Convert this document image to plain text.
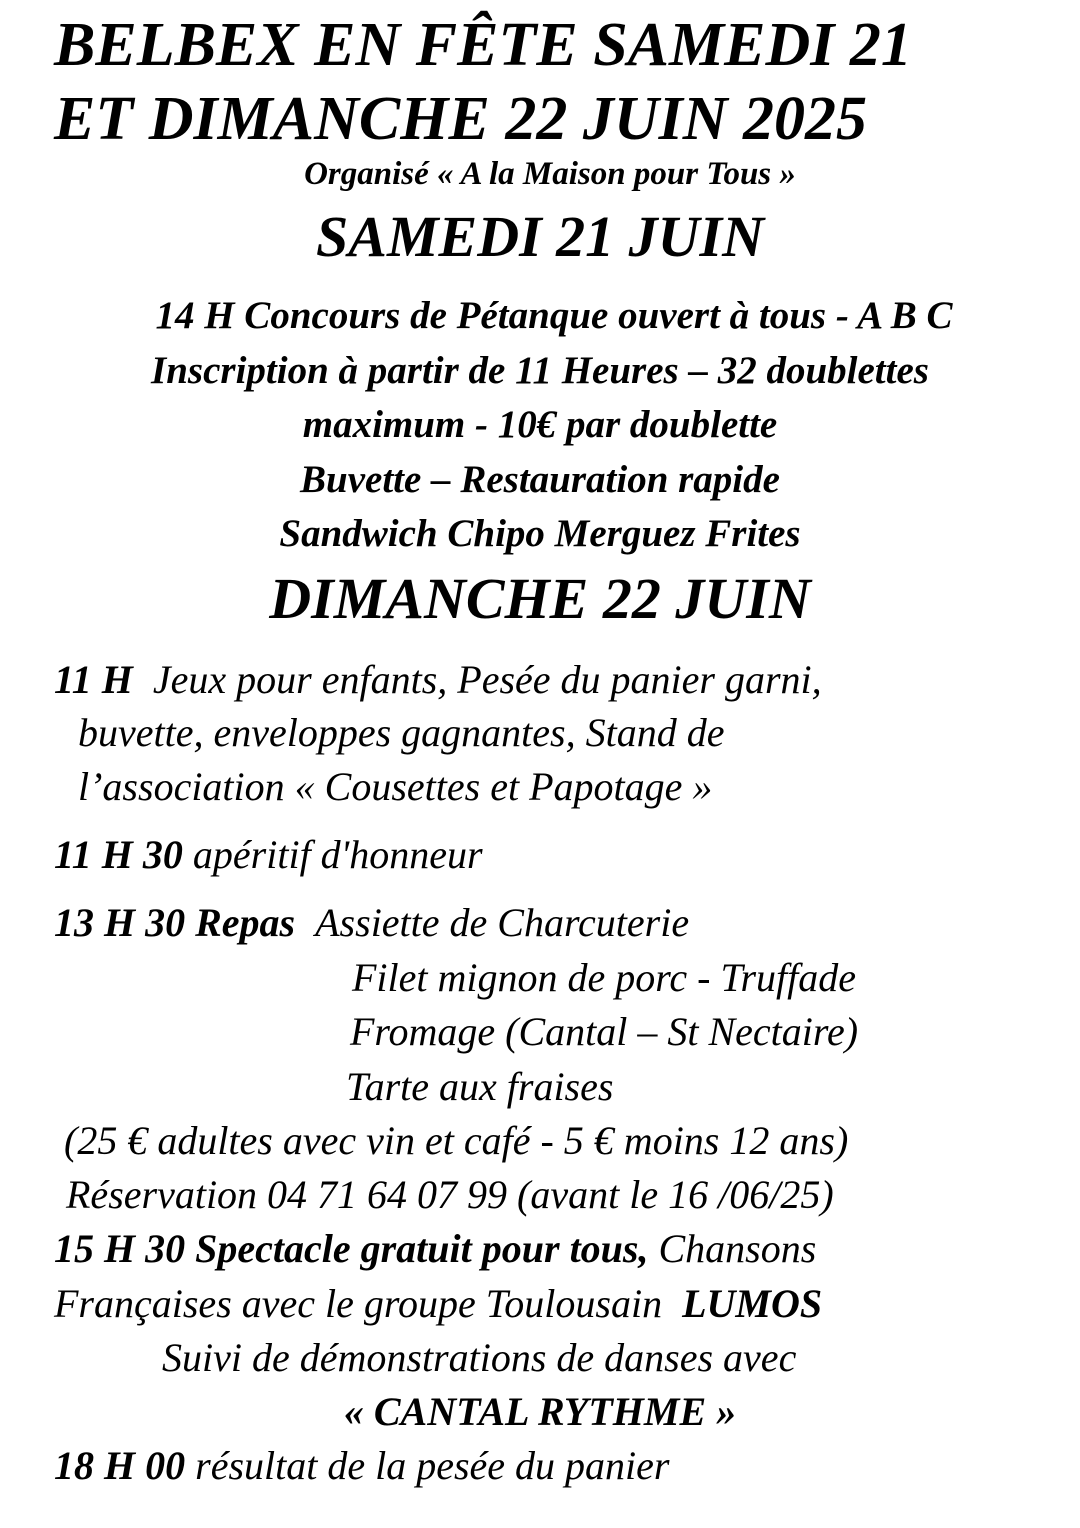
BELBEX EN FÊTE SAMEDI 21
ET DIMANCHE 22 JUIN 2025
Organisé « A la Maison pour Tous »
SAMEDI 21 JUIN
14 H Concours de Pétanque ouvert à tous - A B C
Inscription à partir de 11 Heures – 32 doublettes
maximum - 10€ par doublette
Buvette – Restauration rapide
Sandwich Chipo Merguez Frites
DIMANCHE 22 JUIN
11 H Jeux pour enfants, Pesée du panier garni,
buvette, enveloppes gagnantes, Stand de
l’association « Cousettes et Papotage »
11 H 30 apéritif d'honneur
13 H 30 Repas Assiette de Charcuterie
Filet mignon de porc - Truffade
Fromage (Cantal – St Nectaire)
Tarte aux fraises
(25 € adultes avec vin et café - 5 € moins 12 ans)
Réservation 04 71 64 07 99 (avant le 16 /06/25)
15 H 30 Spectacle gratuit pour tous, Chansons
Françaises avec le groupe Toulousain LUMOS
Suivi de démonstrations de danses avec
« CANTAL RYTHME »
18 H 00 résultat de la pesée du panier
